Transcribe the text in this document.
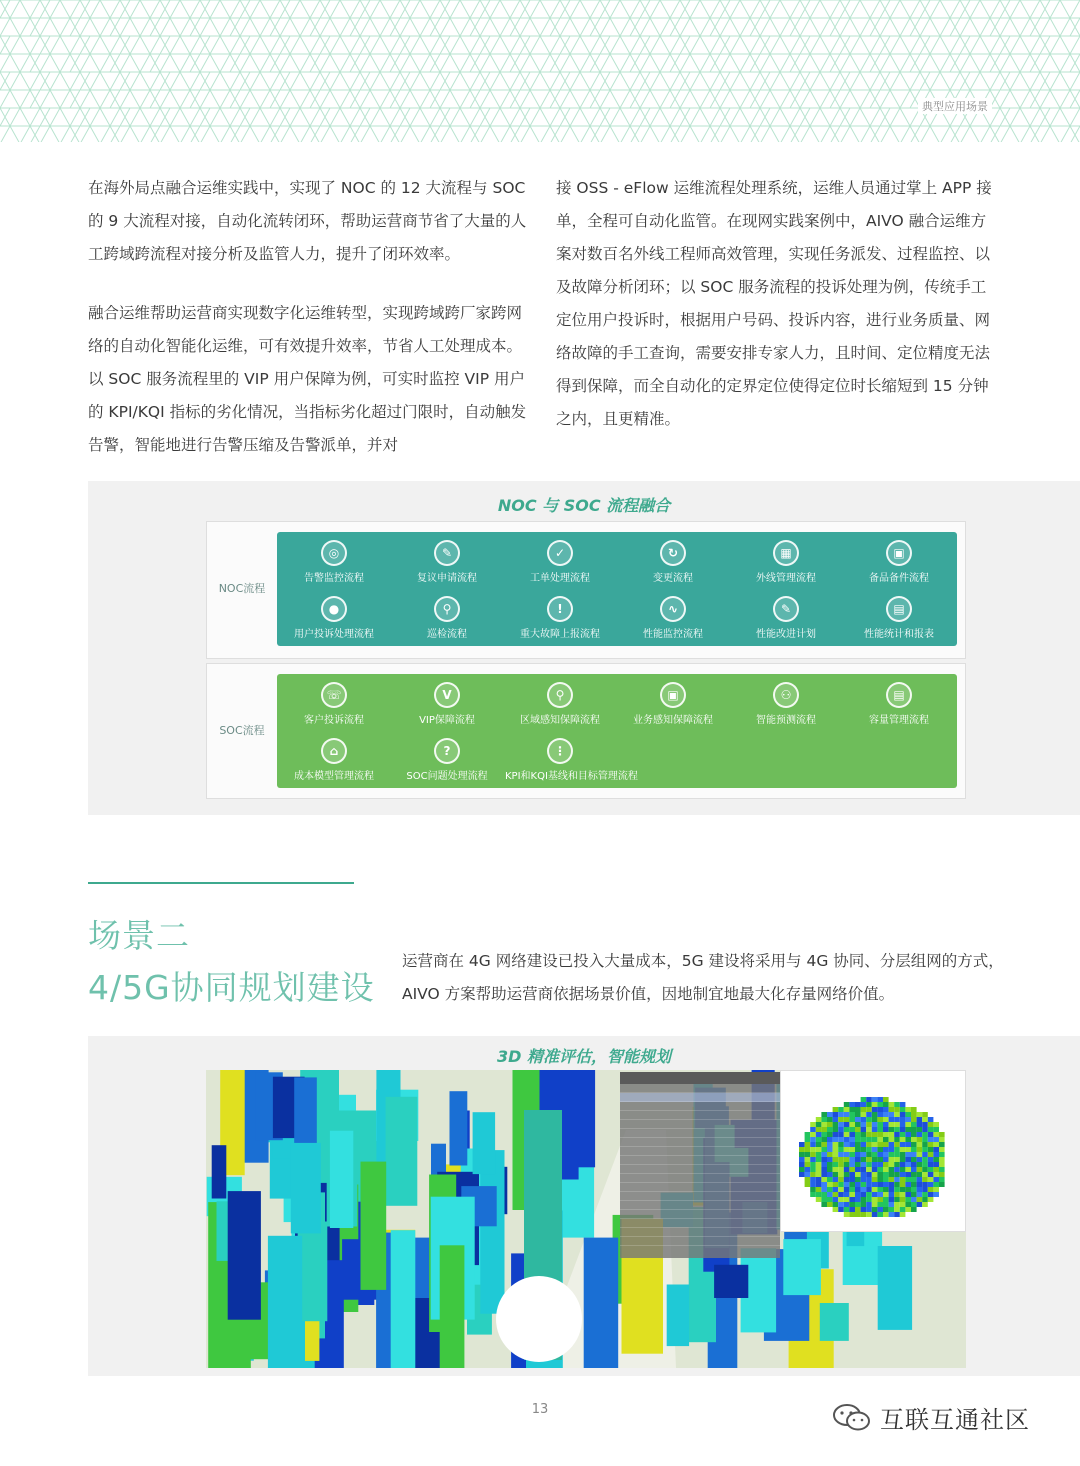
典型应用场景

在海外局点融合运维实践中，实现了 NOC 的 12 大流程与 SOC 的 9 大流程对接，自动化流转闭环，帮助运营商节省了大量的人工跨域跨流程对接分析及监管人力，提升了闭环效率。

融合运维帮助运营商实现数字化运维转型，实现跨域跨厂家跨网络的自动化智能化运维，可有效提升效率，节省人工处理成本。以 SOC 服务流程里的 VIP 用户保障为例，可实时监控 VIP 用户的 KPI/KQI 指标的劣化情况，当指标劣化超过门限时，自动触发告警，智能地进行告警压缩及告警派单，并对

接 OSS - eFlow 运维流程处理系统，运维人员通过掌上 APP 接单，全程可自动化监管。在现网实践案例中，AIVO 融合运维方案对数百名外线工程师高效管理，实现任务派发、过程监控、以及故障分析闭环；以 SOC 服务流程的投诉处理为例，传统手工定位用户投诉时，根据用户号码、投诉内容，进行业务质量、网络故障的手工查询，需要安排专家人力，且时间、定位精度无法得到保障，而全自动化的定界定位使得定位时长缩短到 15 分钟之内，且更精准。

NOC 与 SOC 流程融合
NOC流程
◎
告警监控流程
✎
复议申请流程
✓
工单处理流程
↻
变更流程
▦
外线管理流程
▣
备品备件流程
●
用户投诉处理流程
⚲
巡检流程
!
重大故障上报流程
∿
性能监控流程
✎
性能改进计划
▤
性能统计和报表
SOC流程
☏
客户投诉流程
V
VIP保障流程
⚲
区域感知保障流程
▣
业务感知保障流程
⚇
智能预测流程
▤
容量管理流程
⌂
成本模型管理流程
?
SOC问题处理流程
⋮
KPI和KQI基线和目标管理流程
场景二
4/5G协同规划建设
运营商在 4G 网络建设已投入大量成本，5G 建设将采用与 4G 协同、分层组网的方式，AIVO 方案帮助运营商依据场景价值，因地制宜地最大化存量网络价值。
3D 精准评估，智能规划
13	互联互通社区
